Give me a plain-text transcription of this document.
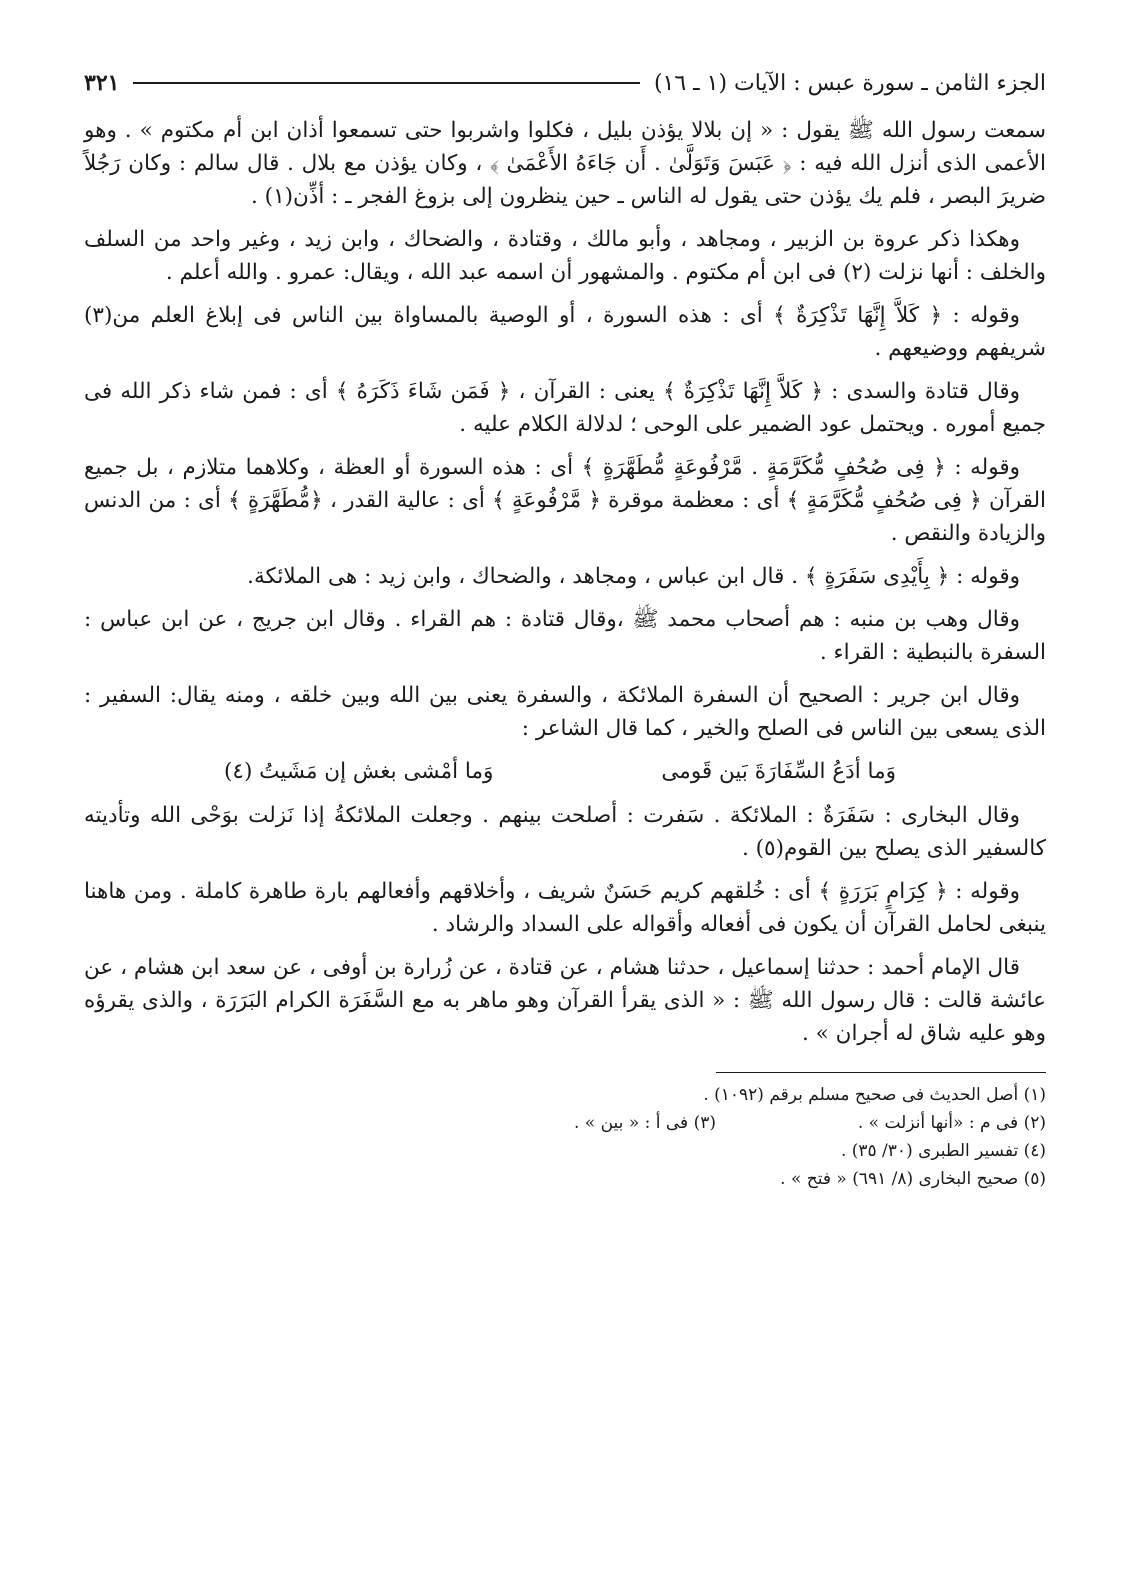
الجزء الثامن ـ سورة عبس : الآيات (١ ـ ١٦)
٣٢١

سمعت رسول الله ﷺ يقول : « إن بلالا يؤذن بليل ، فكلوا واشربوا حتى تسمعوا أذان ابن أم مكتوم » . وهو الأعمى الذى أنزل الله فيه : ﴿ عَبَسَ وَتَوَلَّىٰ . أَن جَاءَهُ الأَعْمَىٰ ﴾ ، وكان يؤذن مع بلال . قال سالم : وكان رَجُلاً ضريرَ البصر ، فلم يك يؤذن حتى يقول له الناس ـ حين ينظرون إلى بزوغ الفجر ـ : أذِّن(١) .

وهكذا ذكر عروة بن الزبير ، ومجاهد ، وأبو مالك ، وقتادة ، والضحاك ، وابن زيد ، وغير واحد من السلف والخلف : أنها نزلت (٢) فى ابن أم مكتوم . والمشهور أن اسمه عبد الله ، ويقال: عمرو . والله أعلم .

وقوله : ﴿ كَلاَّ إِنَّهَا تَذْكِرَةٌ ﴾ أى : هذه السورة ، أو الوصية بالمساواة بين الناس فى إبلاغ العلم من(٣) شريفهم ووضيعهم .

وقال قتادة والسدى : ﴿ كَلاَّ إِنَّهَا تَذْكِرَةٌ ﴾ يعنى : القرآن ، ﴿ فَمَن شَاءَ ذَكَرَهُ ﴾ أى : فمن شاء ذكر الله فى جميع أموره . ويحتمل عود الضمير على الوحى ؛ لدلالة الكلام عليه .

وقوله : ﴿ فِى صُحُفٍ مُّكَرَّمَةٍ . مَّرْفُوعَةٍ مُّطَهَّرَةٍ ﴾ أى : هذه السورة أو العظة ، وكلاهما متلازم ، بل جميع القرآن ﴿ فِى صُحُفٍ مُّكَرَّمَةٍ ﴾ أى : معظمة موقرة ﴿ مَّرْفُوعَةٍ ﴾ أى : عالية القدر ، ﴿مُّطَهَّرَةٍ ﴾ أى : من الدنس والزيادة والنقص .

وقوله : ﴿ بِأَيْدِى سَفَرَةٍ ﴾ . قال ابن عباس ، ومجاهد ، والضحاك ، وابن زيد : هى الملائكة.

وقال وهب بن منبه : هم أصحاب محمد ﷺ ،وقال قتادة : هم القراء . وقال ابن جريج ، عن ابن عباس : السفرة بالنبطية : القراء .

وقال ابن جرير : الصحيح أن السفرة الملائكة ، والسفرة يعنى بين الله وبين خلقه ، ومنه يقال: السفير : الذى يسعى بين الناس فى الصلح والخير ، كما قال الشاعر :

وَما أدَعُ السِّفَارَةَ بَين قَومى
وَما أمْشى بغش إن مَشَيتُ (٤)

وقال البخارى : سَفَرَةٌ : الملائكة . سَفرت : أصلحت بينهم . وجعلت الملائكةُ إذا نَزلت بوَحْى الله وتأديته كالسفير الذى يصلح بين القوم(٥) .

وقوله : ﴿ كِرَامٍ بَرَرَةٍ ﴾ أى : خُلقهم كريم حَسَنٌ شريف ، وأخلاقهم وأفعالهم بارة طاهرة كاملة . ومن هاهنا ينبغى لحامل القرآن أن يكون فى أفعاله وأقواله على السداد والرشاد .

قال الإمام أحمد : حدثنا إسماعيل ، حدثنا هشام ، عن قتادة ، عن زُرارة بن أوفى ، عن سعد ابن هشام ، عن عائشة قالت : قال رسول الله ﷺ : « الذى يقرأ القرآن وهو ماهر به مع السَّفَرَة الكرام البَرَرَة ، والذى يقرؤه وهو عليه شاق له أجران » .

(١) أصل الحديث فى صحيح مسلم برقم (١٠٩٢) .
(٢) فى م : «أنها أنزلت » .
(٣) فى أ : « بين » .
(٤) تفسير الطبرى (٣٠/ ٣٥) .
(٥) صحيح البخارى (٨/ ٦٩١) « فتح » .
